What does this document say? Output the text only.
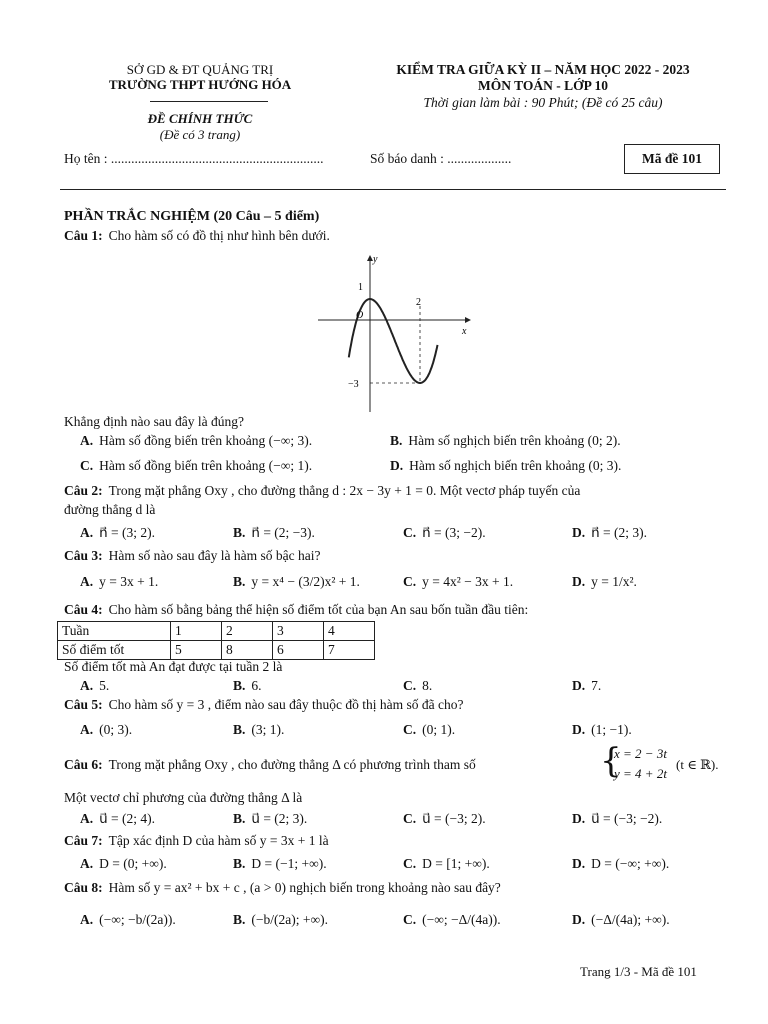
SỞ GD & ĐT QUẢNG TRỊ
TRƯỜNG THPT HƯỚNG HÓA
ĐỀ CHÍNH THỨC
(Đề có 3 trang)
KIỂM TRA GIỮA KỲ II – NĂM HỌC 2022 - 2023
MÔN TOÁN - LỚP 10
Thời gian làm bài : 90 Phút; (Đề có 25 câu)
Họ tên : ...............................................................	Số báo danh : ...................	Mã đề 101
PHẦN TRẮC NGHIỆM (20 Câu – 5 điểm)
Câu 1: Cho hàm số có đồ thị như hình bên dưới.
y
x
O
1
2
−3
Khẳng định nào sau đây là đúng?
A. Hàm số đồng biến trên khoảng (−∞; 3).	B. Hàm số nghịch biến trên khoảng (0; 2).
C. Hàm số đồng biến trên khoảng (−∞; 1).	D. Hàm số nghịch biến trên khoảng (0; 3).
Câu 2: Trong mặt phẳng Oxy , cho đường thẳng d : 2x − 3y + 1 = 0. Một vectơ pháp tuyến của
đường thẳng d là
A. n⃗ = (3; 2).	B. n⃗ = (2; −3).	C. n⃗ = (3; −2).	D. n⃗ = (2; 3).
Câu 3: Hàm số nào sau đây là hàm số bậc hai?
A. y = 3x + 1.	B. y = x⁴ − (3/2)x² + 1.	C. y = 4x² − 3x + 1.	D. y = 1/x².
Câu 4: Cho hàm số bằng bảng thể hiện số điểm tốt của bạn An sau bốn tuần đầu tiên:
Tuần	1	2	3	4
Số điểm tốt	5	8	6	7
Số điểm tốt mà An đạt được tại tuần 2 là
A. 5.	B. 6.	C. 8.	D. 7.
Câu 5: Cho hàm số y = 3 , điểm nào sau đây thuộc đồ thị hàm số đã cho?
A. (0; 3).	B. (3; 1).	C. (0; 1).	D. (1; −1).
Câu 6: Trong mặt phẳng Oxy , cho đường thẳng Δ có phương trình tham số	{
x = 2 − 3t
y = 4 + 2t
(t ∈ ℝ).
Một vectơ chỉ phương của đường thẳng Δ là
A. u⃗ = (2; 4).	B. u⃗ = (2; 3).	C. u⃗ = (−3; 2).	D. u⃗ = (−3; −2).
Câu 7: Tập xác định D của hàm số y = 3x + 1 là
A. D = (0; +∞).	B. D = (−1; +∞).	C. D = [1; +∞).	D. D = (−∞; +∞).
Câu 8: Hàm số y = ax² + bx + c , (a > 0) nghịch biến trong khoảng nào sau đây?
A. (−∞; −b/(2a)).	B. (−b/(2a); +∞).	C. (−∞; −Δ/(4a)).	D. (−Δ/(4a); +∞).
Trang 1/3 - Mã đề 101
